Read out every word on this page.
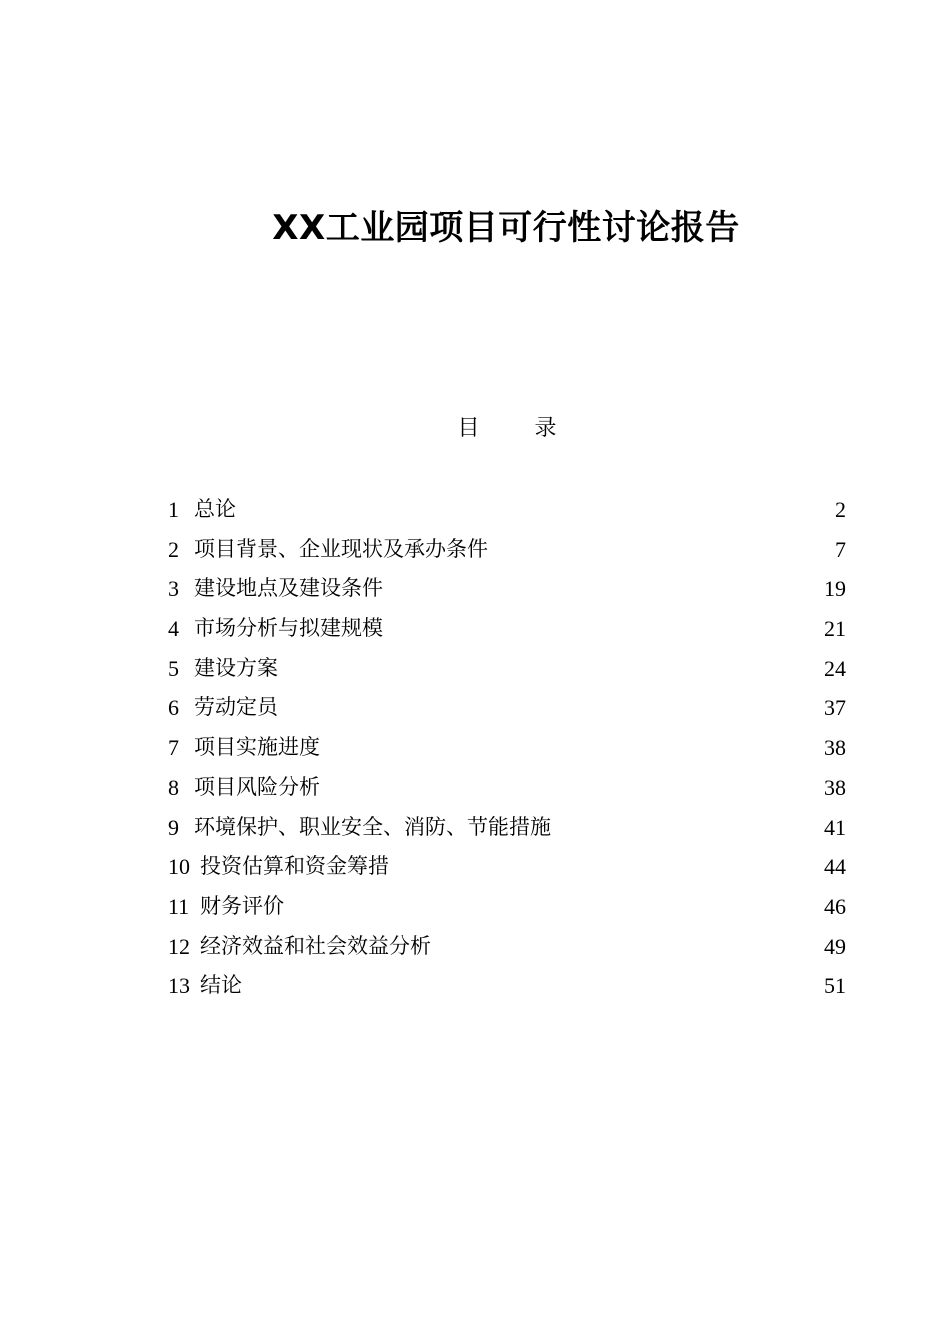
XX工业园项目可行性讨论报告
目 录
1 总论	2
2 项目背景、企业现状及承办条件	7
3 建设地点及建设条件	19
4 市场分析与拟建规模	21
5 建设方案	24
6 劳动定员	37
7 项目实施进度	38
8 项目风险分析	38
9 环境保护、职业安全、消防、节能措施	41
10 投资估算和资金筹措	44
11 财务评价	46
12 经济效益和社会效益分析	49
13 结论	51
